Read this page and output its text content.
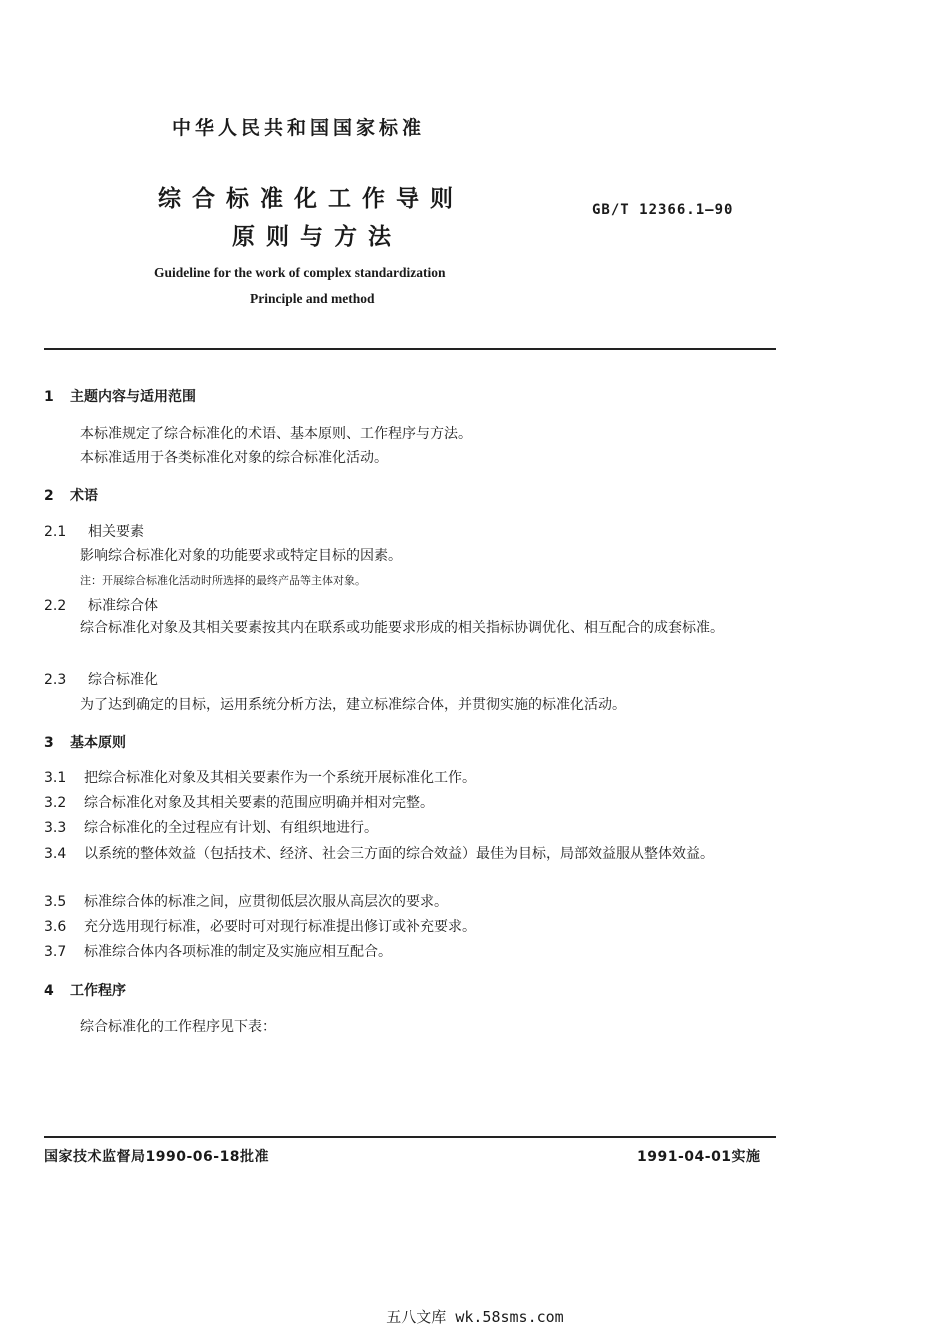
中华人民共和国国家标准
综合标准化工作导则
原则与方法
GB/T 12366.1—90
Guideline for the work of complex standardization
Principle and method
1 主题内容与适用范围
本标准规定了综合标准化的术语、基本原则、工作程序与方法。
本标准适用于各类标准化对象的综合标准化活动。
2 术语
2.1 相关要素
影响综合标准化对象的功能要求或特定目标的因素。
注：开展综合标准化活动时所选择的最终产品等主体对象。
2.2 标准综合体
综合标准化对象及其相关要素按其内在联系或功能要求形成的相关指标协调优化、相互配合的成套标准。
2.3 综合标准化
为了达到确定的目标，运用系统分析方法，建立标准综合体，并贯彻实施的标准化活动。
3 基本原则
3.1 把综合标准化对象及其相关要素作为一个系统开展标准化工作。
3.2 综合标准化对象及其相关要素的范围应明确并相对完整。
3.3 综合标准化的全过程应有计划、有组织地进行。
3.4 以系统的整体效益（包括技术、经济、社会三方面的综合效益）最佳为目标，局部效益服从整体效益。
3.5 标准综合体的标准之间，应贯彻低层次服从高层次的要求。
3.6 充分选用现行标准，必要时可对现行标准提出修订或补充要求。
3.7 标准综合体内各项标准的制定及实施应相互配合。
4 工作程序
综合标准化的工作程序见下表：
国家技术监督局1990-06-18批准	1991-04-01实施
五八文库 wk.58sms.com
